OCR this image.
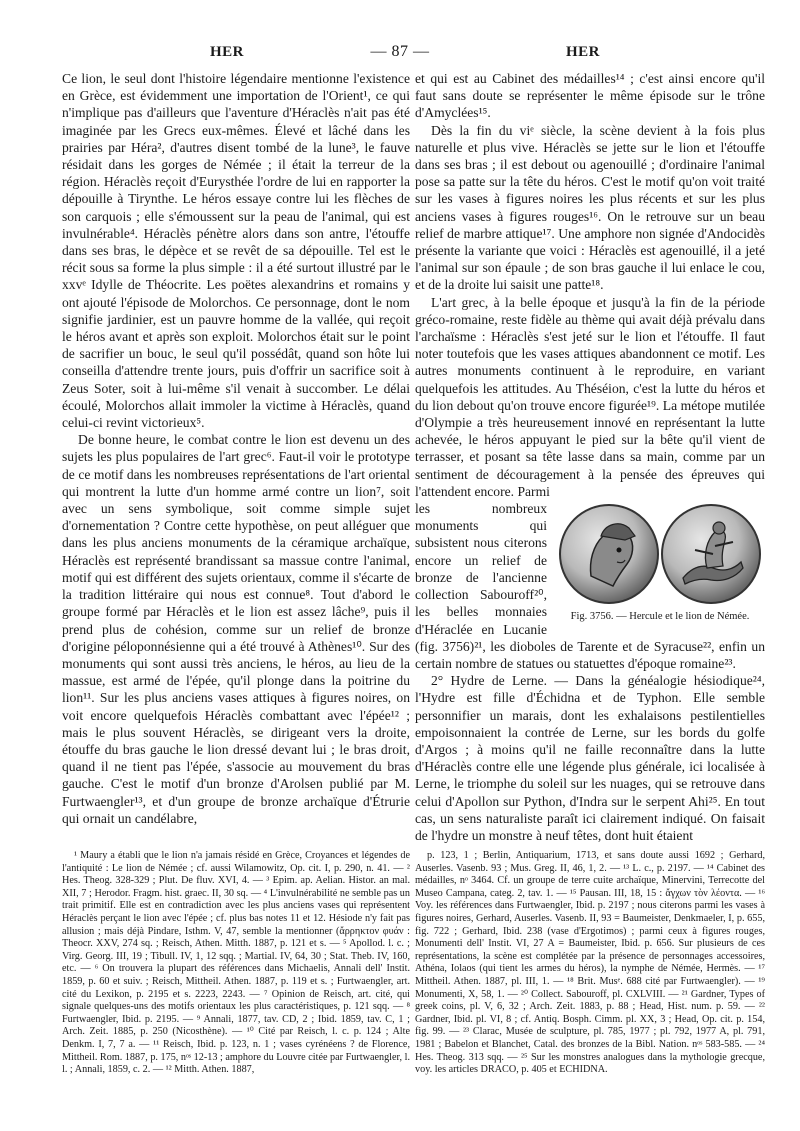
HER	— 87 —	HER

Ce lion, le seul dont l'histoire légendaire mentionne l'existence en Grèce, est évidemment une importation de l'Orient¹, ce qui n'implique pas d'ailleurs que l'aventure d'Héraclès n'ait pas été imaginée par les Grecs eux-mêmes. Élevé et lâché dans les prairies par Héra², d'autres disent tombé de la lune³, le fauve résidait dans les gorges de Némée ; il était la terreur de la région. Héraclès reçoit d'Eurysthée l'ordre de lui en rapporter la dépouille à Tirynthe. Le héros essaye contre lui les flèches de son carquois ; elle s'émoussent sur la peau de l'animal, qui est invulnérable⁴. Héraclès pénètre alors dans son antre, l'étouffe dans ses bras, le dépèce et se revêt de sa dépouille. Tel est le récit sous sa forme la plus simple : il a été surtout illustré par le xxvᵉ Idylle de Théocrite. Les poëtes alexandrins et romains y ont ajouté l'épisode de Molorchos. Ce personnage, dont le nom signifie jardinier, est un pauvre homme de la vallée, qui reçoit le héros avant et après son exploit. Molorchos était sur le point de sacrifier un bouc, le seul qu'il possédât, quand son hôte lui conseilla d'attendre trente jours, puis d'offrir un sacrifice soit à Zeus Soter, soit à lui-même s'il venait à succomber. Le délai écoulé, Molorchos allait immoler la victime à Héraclès, quand celui-ci revint victorieux⁵.

De bonne heure, le combat contre le lion est devenu un des sujets les plus populaires de l'art grec⁶. Faut-il voir le prototype de ce motif dans les nombreuses représentations de l'art oriental qui montrent la lutte d'un homme armé contre un lion⁷, soit avec un sens symbolique, soit comme simple sujet d'ornementation ? Contre cette hypothèse, on peut alléguer que dans les plus anciens monuments de la céramique archaïque, Héraclès est représenté brandissant sa massue contre l'animal, motif qui est différent des sujets orientaux, comme il s'écarte de la tradition littéraire qui nous est connue⁸. Tout d'abord le groupe formé par Héraclès et le lion est assez lâche⁹, puis il prend plus de cohésion, comme sur un relief de bronze d'origine péloponnésienne qui a été trouvé à Athènes¹⁰. Sur des monuments qui sont aussi très anciens, le héros, au lieu de la massue, est armé de l'épée, qu'il plonge dans la poitrine du lion¹¹. Sur les plus anciens vases attiques à figures noires, on voit encore quelquefois Héraclès combattant avec l'épée¹² ; mais le plus souvent Héraclès, se dirigeant vers la droite, étouffe du bras gauche le lion dressé devant lui ; le bras droit, quand il ne tient pas l'épée, s'associe au mouvement du bras gauche. C'est le motif d'un bronze d'Arolsen publié par M. Furtwaengler¹³, et d'un groupe de bronze archaïque d'Étrurie qui ornait un candélabre,

et qui est au Cabinet des médailles¹⁴ ; c'est ainsi encore qu'il faut sans doute se représenter le même épisode sur le trône d'Amyclées¹⁵.

Dès la fin du viᵉ siècle, la scène devient à la fois plus naturelle et plus vive. Héraclès se jette sur le lion et l'étouffe dans ses bras ; il est debout ou agenouillé ; d'ordinaire l'animal pose sa patte sur la tête du héros. C'est le motif qu'on voit traité sur les vases à figures noires les plus récents et sur les plus anciens vases à figures rouges¹⁶. On le retrouve sur un beau relief de marbre attique¹⁷. Une amphore non signée d'Andocidès présente la variante que voici : Héraclès est agenouillé, il a jeté l'animal sur son épaule ; de son bras gauche il lui enlace le cou, et de la droite lui saisit une patte¹⁸.

L'art grec, à la belle époque et jusqu'à la fin de la période gréco-romaine, reste fidèle au thème qui avait déjà prévalu dans l'archaïsme : Héraclès s'est jeté sur le lion et l'étouffe. Il faut noter toutefois que les vases attiques abandonnent ce motif. Les autres monuments continuent à le reproduire, en variant quelquefois les attitudes. Au Théséion, c'est la lutte du héros et du lion debout qu'on trouve encore figurée¹⁹. La métope mutilée d'Olympie a très heureusement innové en représentant la lutte achevée, le héros appuyant le pied sur la bête qu'il vient de terrasser, et posant sa tête lasse dans sa main, comme par un sentiment de découragement à la pensée des épreuves qui l'attendent encore. Parmi

Fig. 3756. — Hercule et le lion de Némée.

les nombreux monuments qui subsistent nous citerons encore un relief de bronze de l'ancienne collection Sabouroff²⁰, les belles monnaies d'Héraclée en Lucanie (fig. 3756)²¹, les dioboles de Tarente et de Syracuse²², enfin un certain nombre de statues ou statuettes d'époque romaine²³.

2° Hydre de Lerne. — Dans la généalogie hésiodique²⁴, l'Hydre est fille d'Échidna et de Typhon. Elle semble personnifier un marais, dont les exhalaisons pestilentielles empoisonnaient la contrée de Lerne, sur les bords du golfe d'Argos ; à moins qu'il ne faille reconnaître dans la lutte d'Héraclès contre elle une légende plus générale, ici localisée à Lerne, le triomphe du soleil sur les nuages, qui se retrouve dans celui d'Apollon sur Python, d'Indra sur le serpent Ahi²⁵. En tout cas, un sens naturaliste paraît ici clairement indiqué. On faisait de l'hydre un monstre à neuf têtes, dont huit étaient

¹ Maury a établi que le lion n'a jamais résidé en Grèce, Croyances et légendes de l'antiquité : Le lion de Némée ; cf. aussi Wilamowitz, Op. cit. I, p. 290, n. 41. — ² Hes. Theog. 328-329 ; Plut. De fluv. XVI, 4. — ³ Epim. ap. Aelian. Histor. an mal. XII, 7 ; Herodor. Fragm. hist. graec. II, 30 sq. — ⁴ L'invulnérabilité ne semble pas un trait primitif. Elle est en contradiction avec les plus anciens vases qui représentent Héraclès perçant le lion avec l'épée ; cf. plus bas notes 11 et 12. Hésiode n'y fait pas allusion ; mais déjà Pindare, Isthm. V, 47, semble la mentionner (ἄρρηκτον φυάν : Theocr. XXV, 274 sq. ; Reisch, Athen. Mitth. 1887, p. 121 et s. — ⁵ Apollod. l. c. ; Virg. Georg. III, 19 ; Tibull. IV, 1, 12 sqq. ; Martial. IV, 64, 30 ; Stat. Theb. IV, 160, etc. — ⁶ On trouvera la plupart des références dans Michaelis, Annali dell' Instit. 1859, p. 60 et suiv. ; Reisch, Mittheil. Athen. 1887, p. 119 et s. ; Furtwaengler, art. cité du Lexikon, p. 2195 et s. 2223, 2243. — ⁷ Opinion de Reisch, art. cité, qui signale quelques-uns des motifs orientaux les plus caractéristiques, p. 121 sqq. — ⁸ Furtwaengler, Ibid. p. 2195. — ⁹ Annali, 1877, tav. CD, 2 ; Ibid. 1859, tav. C, 1 ; Arch. Zeit. 1885, p. 250 (Nicosthène). — ¹⁰ Cité par Reisch, l. c. p. 124 ; Alte Denkm. I, 7, 7 a. — ¹¹ Reisch, Ibid. p. 123, n. 1 ; vases cyrénéens ? de Florence, Mittheil. Rom. 1887, p. 175, nᵒˢ 12-13 ; amphore du Louvre citée par Furtwaengler, l. l. ; Annali, 1859, c. 2. — ¹² Mitth. Athen. 1887,

p. 123, 1 ; Berlin, Antiquarium, 1713, et sans doute aussi 1692 ; Gerhard, Auserles. Vasenb. 93 ; Mus. Greg. II, 46, 1, 2. — ¹³ L. c., p. 2197. — ¹⁴ Cabinet des médailles, nᵒ 3464. Cf. un groupe de terre cuite archaïque, Minervini, Terrecotte del Museo Campana, categ. 2, tav. 1. — ¹⁵ Pausan. III, 18, 15 : ἄγχων τὸν λέοντα. — ¹⁶ Voy. les références dans Furtwaengler, Ibid. p. 2197 ; nous citerons parmi les vases à figures noires, Gerhard, Auserles. Vasenb. II, 93 = Baumeister, Denkmaeler, I, p. 655, fig. 722 ; Gerhard, Ibid. 238 (vase d'Ergotimos) ; parmi ceux à figures rouges, Monumenti dell' Instit. VI, 27 A = Baumeister, Ibid. p. 656. Sur plusieurs de ces représentations, la scène est complétée par la présence de personnages accessoires, Athéna, Iolaos (qui tient les armes du héros), la nymphe de Némée, Hermès. — ¹⁷ Mittheil. Athen. 1887, pl. III, 1. — ¹⁸ Brit. Musᵉ. 688 cité par Furtwaengler). — ¹⁹ Monumenti, X, 58, 1. — ²⁰ Collect. Sabouroff, pl. CXLVIII. — ²¹ Gardner, Types of greek coins, pl. V, 6, 32 ; Arch. Zeit. 1883, p. 88 ; Head, Hist. num. p. 59. — ²² Gardner, Ibid. pl. VI, 8 ; cf. Antiq. Bosph. Cimm. pl. XX, 3 ; Head, Op. cit. p. 154, fig. 99. — ²³ Clarac, Musée de sculpture, pl. 785, 1977 ; pl. 792, 1977 A, pl. 791, 1981 ; Babelon et Blanchet, Catal. des bronzes de la Bibl. Nation. nᵒˢ 583-585. — ²⁴ Hes. Theog. 313 sqq. — ²⁵ Sur les monstres analogues dans la mythologie grecque, voy. les articles DRACO, p. 405 et ECHIDNA.
